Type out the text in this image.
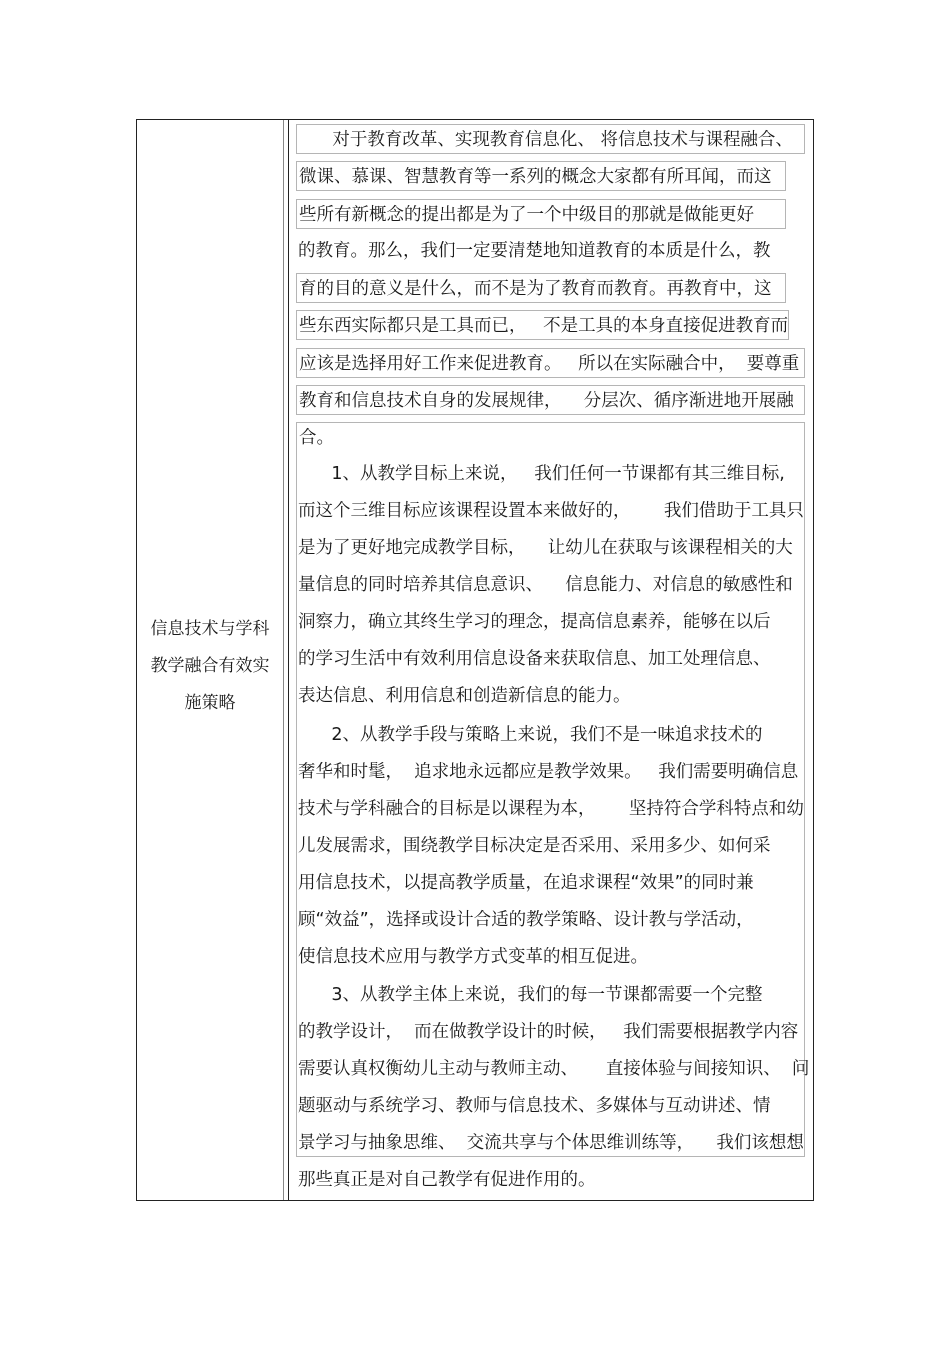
信息技术与学科教学融合有效实施策略
对于教育改革、实现教育信息化、 将信息技术与课程融合、
微课、慕课、智慧教育等一系列的概念大家都有所耳闻，而这
些所有新概念的提出都是为了一个中级目的那就是做能更好
的教育。那么，我们一定要清楚地知道教育的本质是什么，教
育的目的意义是什么，而不是为了教育而教育。再教育中，这
些东西实际都只是工具而已，   不是工具的本身直接促进教育而
应该是选择用好工作来促进教育。   所以在实际融合中，  要尊重
教育和信息技术自身的发展规律，    分层次、循序渐进地开展融
合。
1、从教学目标上来说，   我们任何一节课都有其三维目标,
而这个三维目标应该课程设置本来做好的，      我们借助于工具只
是为了更好地完成教学目标，    让幼儿在获取与该课程相关的大
量信息的同时培养其信息意识、    信息能力、对信息的敏感性和
洞察力，确立其终生学习的理念，提高信息素养，能够在以后
的学习生活中有效利用信息设备来获取信息、加工处理信息、
表达信息、利用信息和创造新信息的能力。
2、从教学手段与策略上来说，我们不是一味追求技术的
奢华和时髦，  追求地永远都应是教学效果。   我们需要明确信息
技术与学科融合的目标是以课程为本，      坚持符合学科特点和幼
儿发展需求，围绕教学目标决定是否采用、采用多少、如何采
用信息技术，以提高教学质量，在追求课程“效果”的同时兼
顾“效益”，选择或设计合适的教学策略、设计教与学活动，
使信息技术应用与教学方式变革的相互促进。
3、从教学主体上来说，我们的每一节课都需要一个完整
的教学设计，  而在做教学设计的时候，   我们需要根据教学内容
需要认真权衡幼儿主动与教师主动、     直接体验与间接知识、  问
题驱动与系统学习、教师与信息技术、多媒体与互动讲述、情
景学习与抽象思维、  交流共享与个体思维训练等，    我们该想想
那些真正是对自己教学有促进作用的。
